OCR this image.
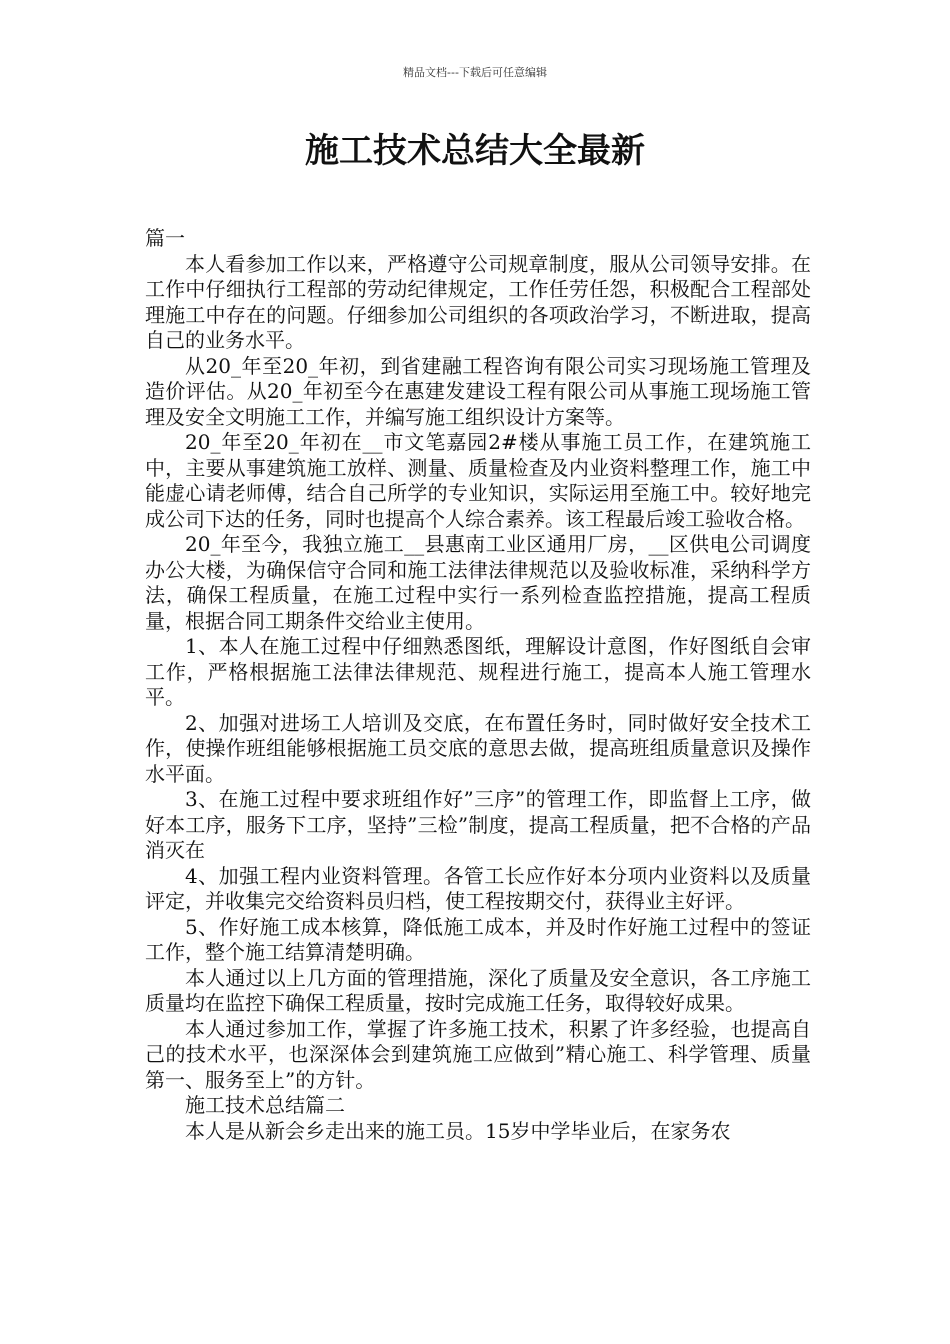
精品文档---下载后可任意编辑
施工技术总结大全最新

篇一

本人看参加工作以来，严格遵守公司规章制度，服从公司领导安排。在工作中仔细执行工程部的劳动纪律规定，工作任劳任怨，积极配合工程部处理施工中存在的问题。仔细参加公司组织的各项政治学习，不断进取，提高自己的业务水平。

从20_年至20_年初，到省建融工程咨询有限公司实习现场施工管理及造价评估。从20_年初至今在惠建发建设工程有限公司从事施工现场施工管理及安全文明施工工作，并编写施工组织设计方案等。

20_年至20_年初在__市文笔嘉园2#楼从事施工员工作，在建筑施工中，主要从事建筑施工放样、测量、质量检查及内业资料整理工作，施工中能虚心请老师傅，结合自己所学的专业知识，实际运用至施工中。较好地完成公司下达的任务，同时也提高个人综合素养。该工程最后竣工验收合格。

20_年至今，我独立施工__县惠南工业区通用厂房，__区供电公司调度办公大楼，为确保信守合同和施工法律法律规范以及验收标准，采纳科学方法，确保工程质量，在施工过程中实行一系列检查监控措施，提高工程质量，根据合同工期条件交给业主使用。

1、本人在施工过程中仔细熟悉图纸，理解设计意图，作好图纸自会审工作，严格根据施工法律法律规范、规程进行施工，提高本人施工管理水平。

2、加强对进场工人培训及交底，在布置任务时，同时做好安全技术工作，使操作班组能够根据施工员交底的意思去做，提高班组质量意识及操作水平面。

3、在施工过程中要求班组作好”三序”的管理工作，即监督上工序，做好本工序，服务下工序，坚持”三检”制度，提高工程质量，把不合格的产品消灭在

4、加强工程内业资料管理。各管工长应作好本分项内业资料以及质量评定，并收集完交给资料员归档，使工程按期交付，获得业主好评。

5、作好施工成本核算，降低施工成本，并及时作好施工过程中的签证工作，整个施工结算清楚明确。

本人通过以上几方面的管理措施，深化了质量及安全意识，各工序施工质量均在监控下确保工程质量，按时完成施工任务，取得较好成果。

本人通过参加工作，掌握了许多施工技术，积累了许多经验，也提高自己的技术水平，也深深体会到建筑施工应做到”精心施工、科学管理、质量第一、服务至上”的方针。

施工技术总结篇二

本人是从新会乡走出来的施工员。15岁中学毕业后，在家务农
